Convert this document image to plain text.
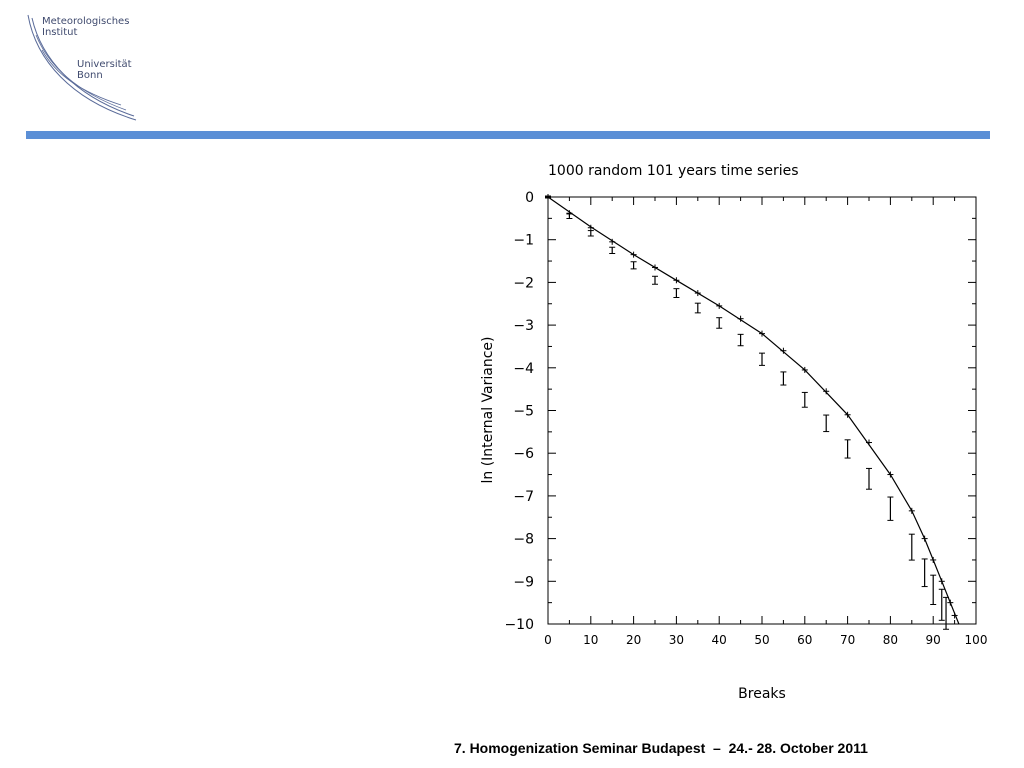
Meteorologisches
Institut
Universität
Bonn
1000 random 101 years time series
0
−1
−2
−3
−4
−5
−6
−7
−8
−9
−10
0	10 20 30 40 50 60 70 80 90 100
ln (Internal Variance)
Breaks
7. Homogenization Seminar Budapest  –  24.- 28. October 2011
